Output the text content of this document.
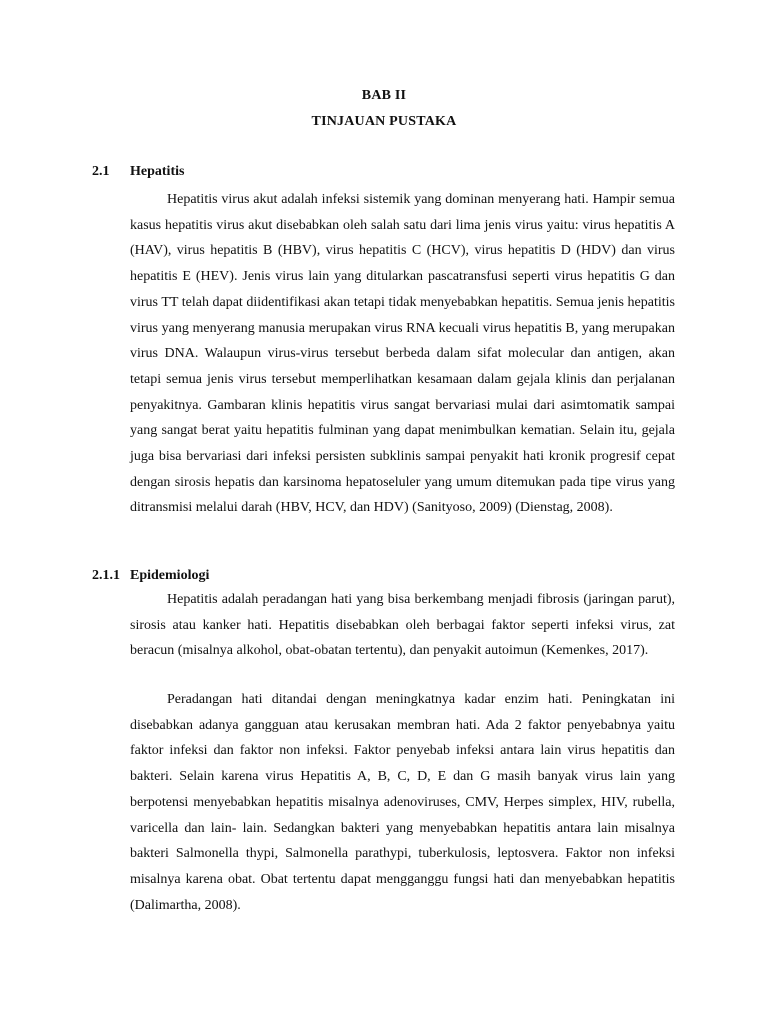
BAB II
TINJAUAN PUSTAKA
2.1 Hepatitis

Hepatitis virus akut adalah infeksi sistemik yang dominan menyerang hati. Hampir semua kasus hepatitis virus akut disebabkan oleh salah satu dari lima jenis virus yaitu: virus hepatitis A (HAV), virus hepatitis B (HBV), virus hepatitis C (HCV), virus hepatitis D (HDV) dan virus hepatitis E (HEV). Jenis virus lain yang ditularkan pascatransfusi seperti virus hepatitis G dan virus TT telah dapat diidentifikasi akan tetapi tidak menyebabkan hepatitis. Semua jenis hepatitis virus yang menyerang manusia merupakan virus RNA kecuali virus hepatitis B, yang merupakan virus DNA. Walaupun virus-virus tersebut berbeda dalam sifat molecular dan antigen, akan tetapi semua jenis virus tersebut memperlihatkan kesamaan dalam gejala klinis dan perjalanan penyakitnya. Gambaran klinis hepatitis virus sangat bervariasi mulai dari asimtomatik sampai yang sangat berat yaitu hepatitis fulminan yang dapat menimbulkan kematian. Selain itu, gejala juga bisa bervariasi dari infeksi persisten subklinis sampai penyakit hati kronik progresif cepat dengan sirosis hepatis dan karsinoma hepatoseluler yang umum ditemukan pada tipe virus yang ditransmisi melalui darah (HBV, HCV, dan HDV) (Sanityoso, 2009) (Dienstag, 2008).

2.1.1 Epidemiologi

Hepatitis adalah peradangan hati yang bisa berkembang menjadi fibrosis (jaringan parut), sirosis atau kanker hati. Hepatitis disebabkan oleh berbagai faktor seperti infeksi virus, zat beracun (misalnya alkohol, obat-obatan tertentu), dan penyakit autoimun (Kemenkes, 2017).

Peradangan hati ditandai dengan meningkatnya kadar enzim hati. Peningkatan ini disebabkan adanya gangguan atau kerusakan membran hati. Ada 2 faktor penyebabnya yaitu faktor infeksi dan faktor non infeksi. Faktor penyebab infeksi antara lain virus hepatitis dan bakteri. Selain karena virus Hepatitis A, B, C, D, E dan G masih banyak virus lain yang berpotensi menyebabkan hepatitis misalnya adenoviruses, CMV, Herpes simplex, HIV, rubella, varicella dan lain- lain. Sedangkan bakteri yang menyebabkan hepatitis antara lain misalnya bakteri Salmonella thypi, Salmonella parathypi, tuberkulosis, leptosvera. Faktor non infeksi misalnya karena obat. Obat tertentu dapat mengganggu fungsi hati dan menyebabkan hepatitis (Dalimartha, 2008).
